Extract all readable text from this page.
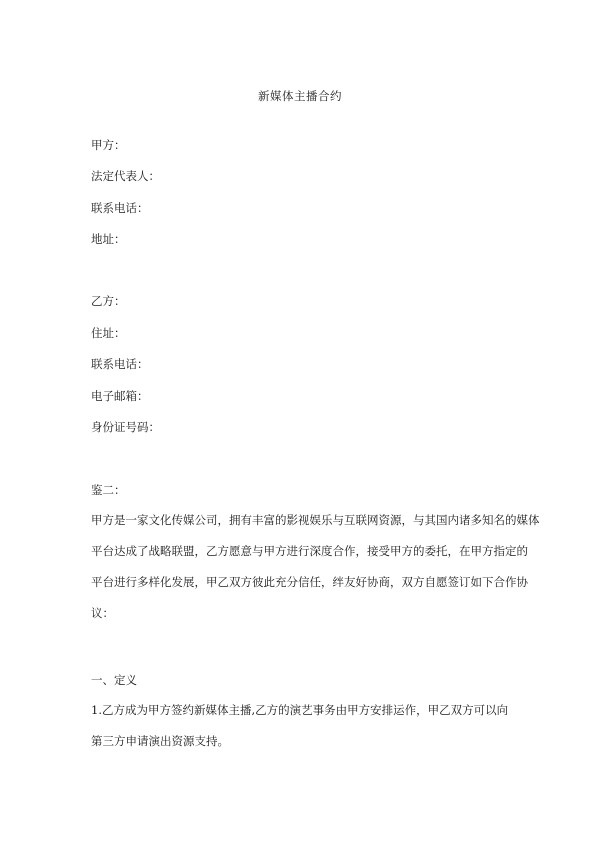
新媒体主播合约
甲方：
法定代表人：
联系电话：
地址：
乙方：
住址：
联系电话：
电子邮箱：
身份证号码：
鉴二：
甲方是一家文化传媒公司，拥有丰富的影视娱乐与互联网资源，与其国内诸多知名的媒体
平台达成了战略联盟，乙方愿意与甲方进行深度合作，接受甲方的委托，在甲方指定的
平台进行多样化发展，甲乙双方彼此充分信任，绊友好协商，双方自愿签订如下合作协
议：
一、定义
1.乙方成为甲方签约新媒体主播,乙方的演艺事务由甲方安排运作，甲乙双方可以向
第三方申请演出资源支持。
